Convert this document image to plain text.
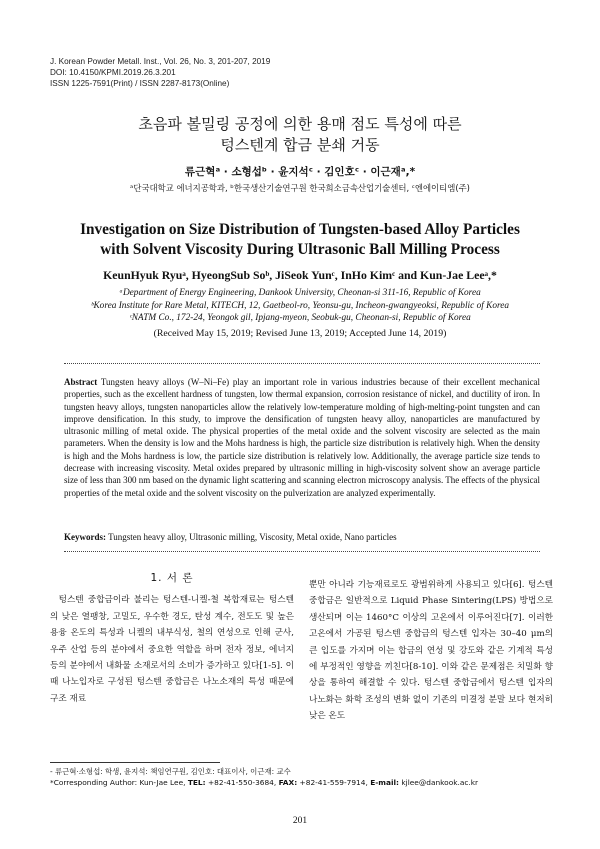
J. Korean Powder Metall. Inst., Vol. 26, No. 3, 201-207, 2019
DOI: 10.4150/KPMI.2019.26.3.201
ISSN 1225-7591(Print) / ISSN 2287-8173(Online)
초음파 볼밀링 공정에 의한 용매 점도 특성에 따른
텅스텐계 합금 분쇄 거동
류근혁ᵃ · 소형섭ᵇ · 윤지석ᶜ · 김인호ᶜ · 이근재ᵃ,*
ᵃ단국대학교 에너지공학과, ᵇ한국생산기술연구원 한국희소금속산업기술센터, ᶜ엔에이티엠(주)
Investigation on Size Distribution of Tungsten-based Alloy Particles
with Solvent Viscosity During Ultrasonic Ball Milling Process
KeunHyuk Ryuᵃ, HyeongSub Soᵇ, JiSeok Yunᶜ, InHo Kimᶜ and Kun-Jae Leeᵃ,*
ᵃDepartment of Energy Engineering, Dankook University, Cheonan-si 311-16, Republic of Korea
ᵇKorea Institute for Rare Metal, KITECH, 12, Gaetbeol-ro, Yeonsu-gu, Incheon-gwangyeoksi, Republic of Korea
ᶜNATM Co., 172-24, Yeongok gil, Ipjang-myeon, Seobuk-gu, Cheonan-si, Republic of Korea
(Received May 15, 2019; Revised June 13, 2019; Accepted June 14, 2019)
Abstract Tungsten heavy alloys (W–Ni–Fe) play an important role in various industries because of their excellent mechanical properties, such as the excellent hardness of tungsten, low thermal expansion, corrosion resistance of nickel, and ductility of iron. In tungsten heavy alloys, tungsten nanoparticles allow the relatively low-temperature molding of high-melting-point tungsten and can improve densification. In this study, to improve the densification of tungsten heavy alloy, nanoparticles are manufactured by ultrasonic milling of metal oxide. The physical properties of the metal oxide and the solvent viscosity are selected as the main parameters. When the density is low and the Mohs hardness is high, the particle size distribution is relatively high. When the density is high and the Mohs hardness is low, the particle size distribution is relatively low. Additionally, the average particle size tends to decrease with increasing viscosity. Metal oxides prepared by ultrasonic milling in high-viscosity solvent show an average particle size of less than 300 nm based on the dynamic light scattering and scanning electron microscopy analysis. The effects of the physical properties of the metal oxide and the solvent viscosity on the pulverization are analyzed experimentally.
Keywords: Tungsten heavy alloy, Ultrasonic milling, Viscosity, Metal oxide, Nano particles
1. 서 론

텅스텐 중합금이라 불리는 텅스텐-니켈-철 복합재료는 텅스텐의 낮은 열팽창, 고밀도, 우수한 경도, 탄성 계수, 전도도 및 높은 용융 온도의 특성과 니켈의 내부식성, 철의 연성으로 인해 군사, 우주 산업 등의 분야에서 중요한 역할을 하며 전자 정보, 에너지 등의 분야에서 내화물 소재로서의 소비가 증가하고 있다[1-5]. 이때 나노입자로 구성된 텅스텐 중합금은 나노소재의 특성 때문에 구조 재료

뿐만 아니라 기능재료로도 광범위하게 사용되고 있다[6]. 텅스텐 중합금은 일반적으로 Liquid Phase Sintering(LPS) 방법으로 생산되며 이는 1460°C 이상의 고온에서 이루어진다[7]. 이러한 고온에서 가공된 텅스텐 중합금의 텅스텐 입자는 30–40 μm의 큰 입도를 가지며 이는 합금의 연성 및 강도와 같은 기계적 특성에 부정적인 영향을 끼친다[8-10]. 이와 같은 문제점은 치밀화 향상을 통하여 해결할 수 있다. 텅스텐 중합금에서 텅스텐 입자의 나노화는 화학 조성의 변화 없이 기존의 미결정 분말 보다 현저히 낮은 온도

- 류근혁·소형섭: 학생, 윤지석: 책임연구원, 김인호: 대표이사, 이근재: 교수
*Corresponding Author: Kun-Jae Lee, TEL: +82-41-550-3684, FAX: +82-41-559-7914, E-mail: kjlee@dankook.ac.kr
201
